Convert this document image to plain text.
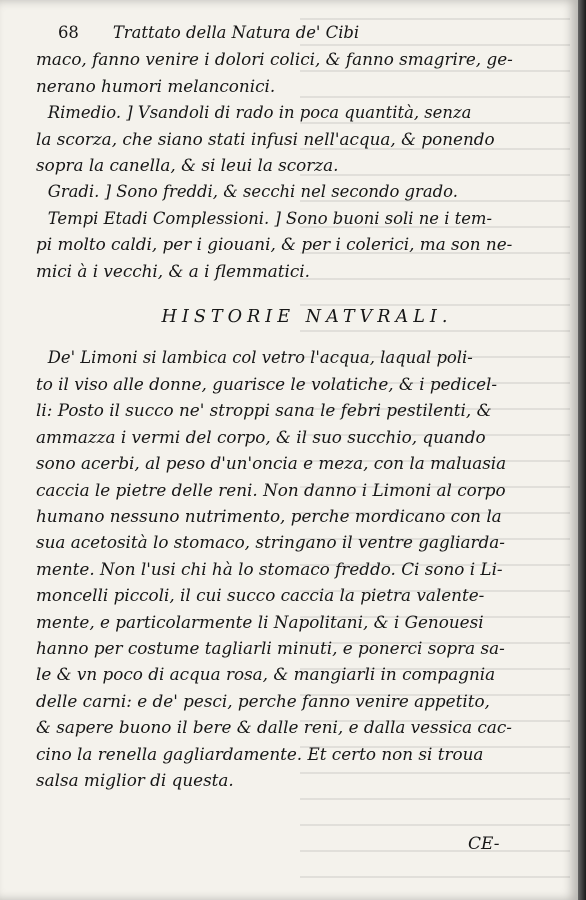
68 Trattato della Natura de' Cibi
maco, fanno venire i dolori colici, & fanno smagrire, ge-
nerano humori melanconici.
Rimedio. ] Vsandoli di rado in poca quantità, senza
la scorza, che siano stati infusi nell'acqua, & ponendo
sopra la canella, & si leui la scorza.
Gradi. ] Sono freddi, & secchi nel secondo grado.
Tempi Etadi Complessioni. ] Sono buoni soli ne i tem-
pi molto caldi, per i giouani, & per i colerici, ma son ne-
mici à i vecchi, & a i flemmatici.
HISTORIE NATVRALI.
De' Limoni si lambica col vetro l'acqua, laqual poli-
to il viso alle donne, guarisce le volatiche, & i pedicel-
li: Posto il succo ne' stroppi sana le febri pestilenti, &
ammazza i vermi del corpo, & il suo succhio, quando
sono acerbi, al peso d'un'oncia e meza, con la maluasia
caccia le pietre delle reni. Non danno i Limoni al corpo
humano nessuno nutrimento, perche mordicano con la
sua acetosità lo stomaco, stringano il ventre gagliarda-
mente. Non l'usi chi hà lo stomaco freddo. Ci sono i Li-
moncelli piccoli, il cui succo caccia la pietra valente-
mente, e particolarmente li Napolitani, & i Genouesi
hanno per costume tagliarli minuti, e ponerci sopra sa-
le & vn poco di acqua rosa, & mangiarli in compagnia
delle carni: e de' pesci, perche fanno venire appetito,
& sapere buono il bere & dalle reni, e dalla vessica cac-
cino la renella gagliardamente. Et certo non si troua
salsa miglior di questa.
CE-
